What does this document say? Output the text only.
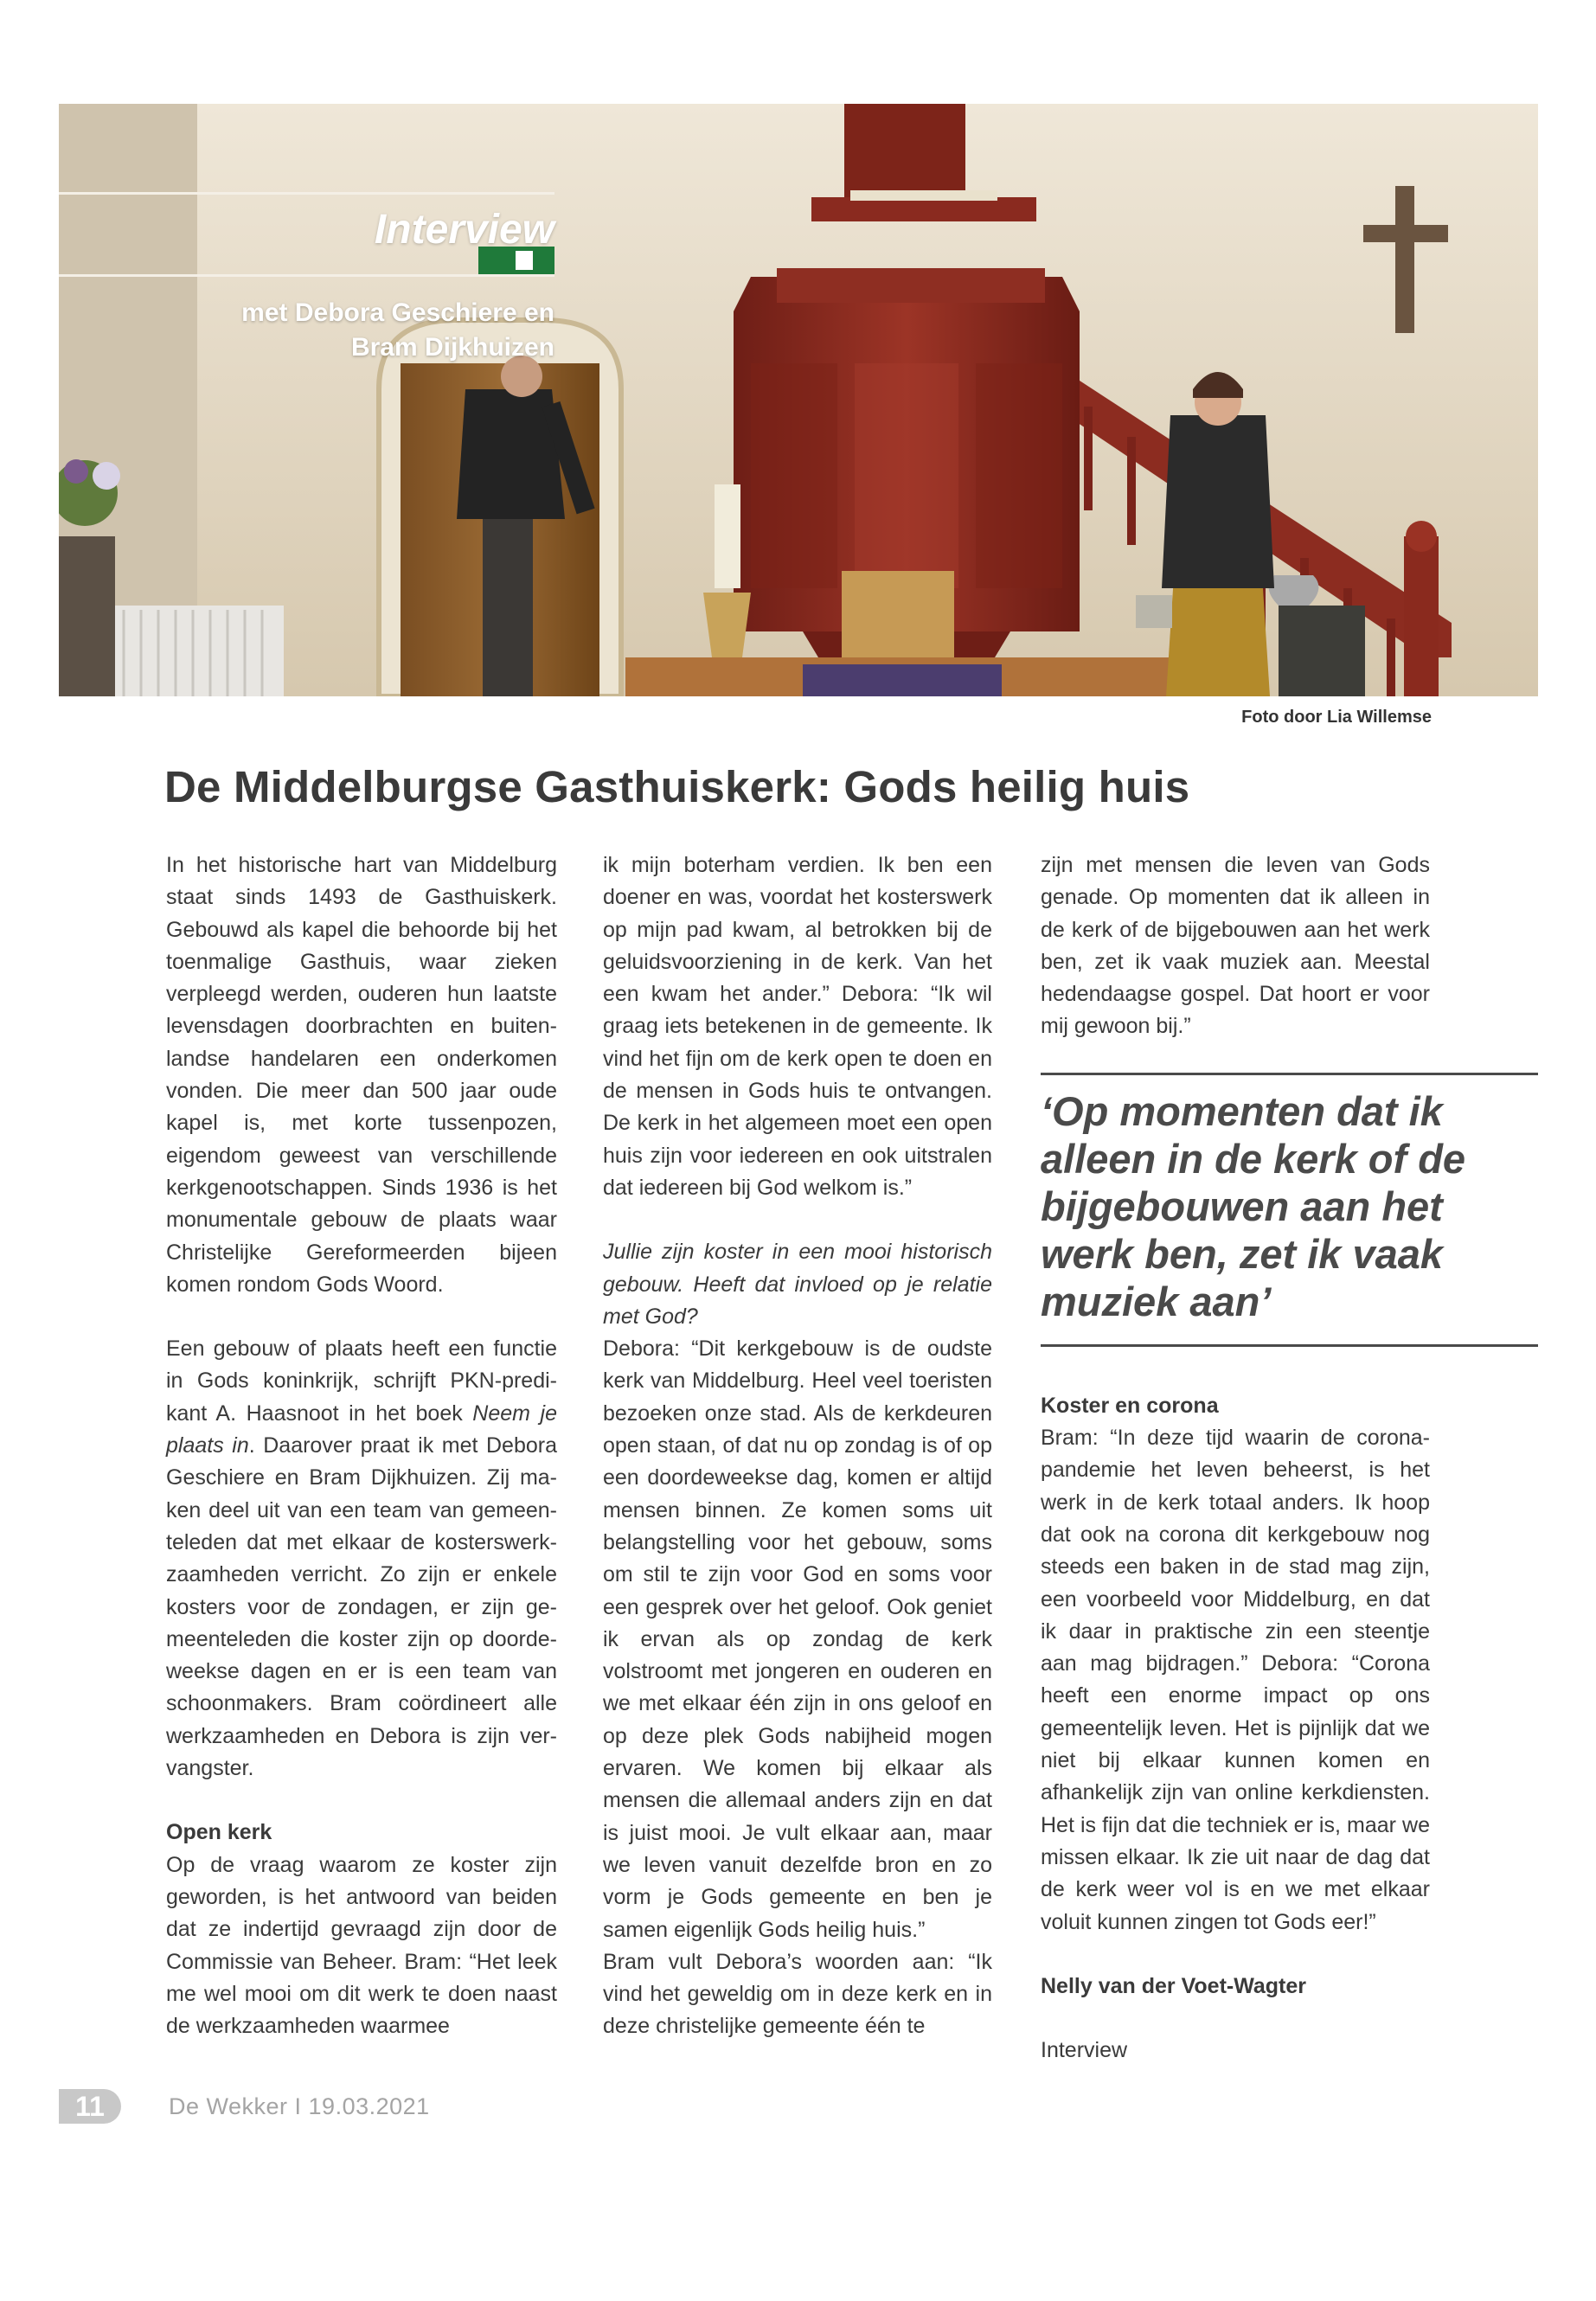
Interview
met Debora Geschiere en
Bram Dijkhuizen
Foto door Lia Willemse
De Middelburgse Gasthuiskerk: Gods heilig huis

In het historische hart van Middelburg staat sinds 1493 de Gasthuiskerk. Gebouwd als kapel die behoorde bij het toenmalige Gasthuis, waar zieken verpleegd werden, ouderen hun laatste levensdagen doorbrachten en buitenlandse handelaren een onderkomen vonden. Die meer dan 500 jaar oude kapel is, met korte tussenpozen, eigendom geweest van verschillende kerkgenootschappen. Sinds 1936 is het monumentale gebouw de plaats waar Christelijke Gereformeerden bijeen komen rondom Gods Woord.

Een gebouw of plaats heeft een functie in Gods koninkrijk, schrijft PKN-predikant A. Haasnoot in het boek Neem je plaats in. Daarover praat ik met Debora Geschiere en Bram Dijkhuizen. Zij maken deel uit van een team van gemeenteleden dat met elkaar de kosterswerkzaamheden verricht. Zo zijn er enkele kosters voor de zondagen, er zijn gemeenteleden die koster zijn op doordeweekse dagen en er is een team van schoonmakers. Bram coördineert alle werkzaamheden en Debora is zijn vervangster.

Open kerk

Op de vraag waarom ze koster zijn geworden, is het antwoord van beiden dat ze indertijd gevraagd zijn door de Commissie van Beheer. Bram: “Het leek me wel mooi om dit werk te doen naast de werkzaamheden waarmee

ik mijn boterham verdien. Ik ben een doener en was, voordat het kosterswerk op mijn pad kwam, al betrokken bij de geluidsvoorziening in de kerk. Van het een kwam het ander.” Debora: “Ik wil graag iets betekenen in de gemeente. Ik vind het fijn om de kerk open te doen en de mensen in Gods huis te ontvangen. De kerk in het algemeen moet een open huis zijn voor iedereen en ook uitstralen dat iedereen bij God welkom is.”

Jullie zijn koster in een mooi historisch gebouw. Heeft dat invloed op je relatie met God?

Debora: “Dit kerkgebouw is de oudste kerk van Middelburg. Heel veel toeristen bezoeken onze stad. Als de kerkdeuren open staan, of dat nu op zondag is of op een doordeweekse dag, komen er altijd mensen binnen. Ze komen soms uit belangstelling voor het gebouw, soms om stil te zijn voor God en soms voor een gesprek over het geloof. Ook geniet ik ervan als op zondag de kerk volstroomt met jongeren en ouderen en we met elkaar één zijn in ons geloof en op deze plek Gods nabijheid mogen ervaren. We komen bij elkaar als mensen die allemaal anders zijn en dat is juist mooi. Je vult elkaar aan, maar we leven vanuit dezelfde bron en zo vorm je Gods gemeente en ben je samen eigenlijk Gods heilig huis.”

Bram vult Debora’s woorden aan: “Ik vind het geweldig om in deze kerk en in deze christelijke gemeente één te

zijn met mensen die leven van Gods genade. Op momenten dat ik alleen in de kerk of de bijgebouwen aan het werk ben, zet ik vaak muziek aan. Meestal hedendaagse gospel. Dat hoort er voor mij gewoon bij.”

‘Op momenten dat ik alleen in de kerk of de bijgebouwen aan het werk ben, zet ik vaak muziek aan’

Koster en corona

Bram: “In deze tijd waarin de coronapandemie het leven beheerst, is het werk in de kerk totaal anders. Ik hoop dat ook na corona dit kerkgebouw nog steeds een baken in de stad mag zijn, een voorbeeld voor Middelburg, en dat ik daar in praktische zin een steentje aan mag bijdragen.” Debora: “Corona heeft een enorme impact op ons gemeentelijk leven. Het is pijnlijk dat we niet bij elkaar kunnen komen en afhankelijk zijn van online kerkdiensten. Het is fijn dat die techniek er is, maar we missen elkaar. Ik zie uit naar de dag dat de kerk weer vol is en we met elkaar voluit kunnen zingen tot Gods eer!”

Nelly van der Voet-Wagter

Interview

11	De Wekker I 19.03.2021
